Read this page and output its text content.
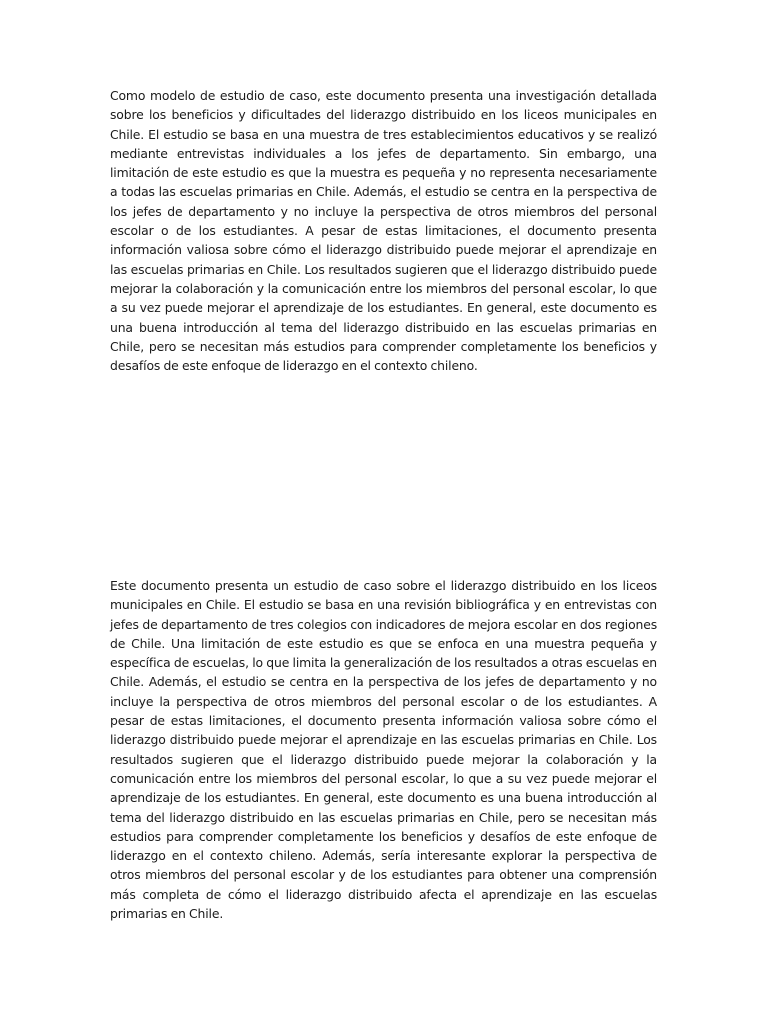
Como modelo de estudio de caso, este documento presenta una investigación detallada sobre los beneficios y dificultades del liderazgo distribuido en los liceos municipales en Chile. El estudio se basa en una muestra de tres establecimientos educativos y se realizó mediante entrevistas individuales a los jefes de departamento. Sin embargo, una limitación de este estudio es que la muestra es pequeña y no representa necesariamente a todas las escuelas primarias en Chile. Además, el estudio se centra en la perspectiva de los jefes de departamento y no incluye la perspectiva de otros miembros del personal escolar o de los estudiantes. A pesar de estas limitaciones, el documento presenta información valiosa sobre cómo el liderazgo distribuido puede mejorar el aprendizaje en las escuelas primarias en Chile. Los resultados sugieren que el liderazgo distribuido puede mejorar la colaboración y la comunicación entre los miembros del personal escolar, lo que a su vez puede mejorar el aprendizaje de los estudiantes. En general, este documento es una buena introducción al tema del liderazgo distribuido en las escuelas primarias en Chile, pero se necesitan más estudios para comprender completamente los beneficios y desafíos de este enfoque de liderazgo en el contexto chileno.

Este documento presenta un estudio de caso sobre el liderazgo distribuido en los liceos municipales en Chile. El estudio se basa en una revisión bibliográfica y en entrevistas con jefes de departamento de tres colegios con indicadores de mejora escolar en dos regiones de Chile. Una limitación de este estudio es que se enfoca en una muestra pequeña y específica de escuelas, lo que limita la generalización de los resultados a otras escuelas en Chile. Además, el estudio se centra en la perspectiva de los jefes de departamento y no incluye la perspectiva de otros miembros del personal escolar o de los estudiantes. A pesar de estas limitaciones, el documento presenta información valiosa sobre cómo el liderazgo distribuido puede mejorar el aprendizaje en las escuelas primarias en Chile. Los resultados sugieren que el liderazgo distribuido puede mejorar la colaboración y la comunicación entre los miembros del personal escolar, lo que a su vez puede mejorar el aprendizaje de los estudiantes. En general, este documento es una buena introducción al tema del liderazgo distribuido en las escuelas primarias en Chile, pero se necesitan más estudios para comprender completamente los beneficios y desafíos de este enfoque de liderazgo en el contexto chileno. Además, sería interesante explorar la perspectiva de otros miembros del personal escolar y de los estudiantes para obtener una comprensión más completa de cómo el liderazgo distribuido afecta el aprendizaje en las escuelas primarias en Chile.
